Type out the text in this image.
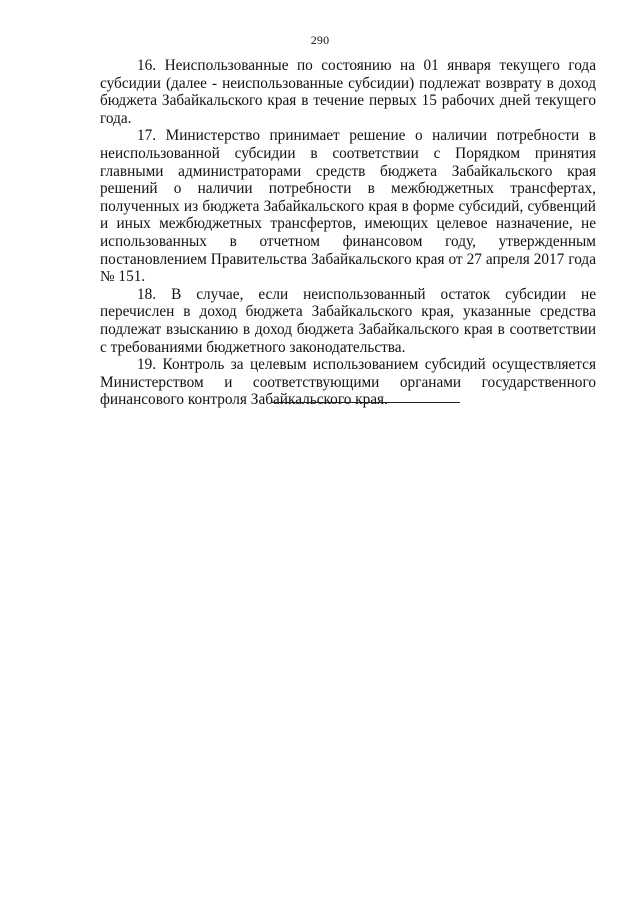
290

16. Неиспользованные по состоянию на 01 января текущего года субсидии (далее - неиспользованные субсидии) подлежат возврату в доход бюджета Забайкальского края в течение первых 15 рабочих дней текущего года.

17. Министерство принимает решение о наличии потребности в неиспользованной субсидии в соответствии с Порядком принятия главными администраторами средств бюджета Забайкальского края решений о наличии потребности в межбюджетных трансфертах, полученных из бюджета Забайкальского края в форме субсидий, субвенций и иных межбюджетных трансфертов, имеющих целевое назначение, не использованных в отчетном финансовом году, утвержденным постановлением Правительства Забайкальского края от 27 апреля 2017 года № 151.

18. В случае, если неиспользованный остаток субсидии не перечислен в доход бюджета Забайкальского края, указанные средства подлежат взысканию в доход бюджета Забайкальского края в соответствии с требованиями бюджетного законодательства.

19. Контроль за целевым использованием субсидий осуществляется Министерством и соответствующими органами государственного финансового контроля Забайкальского края.
